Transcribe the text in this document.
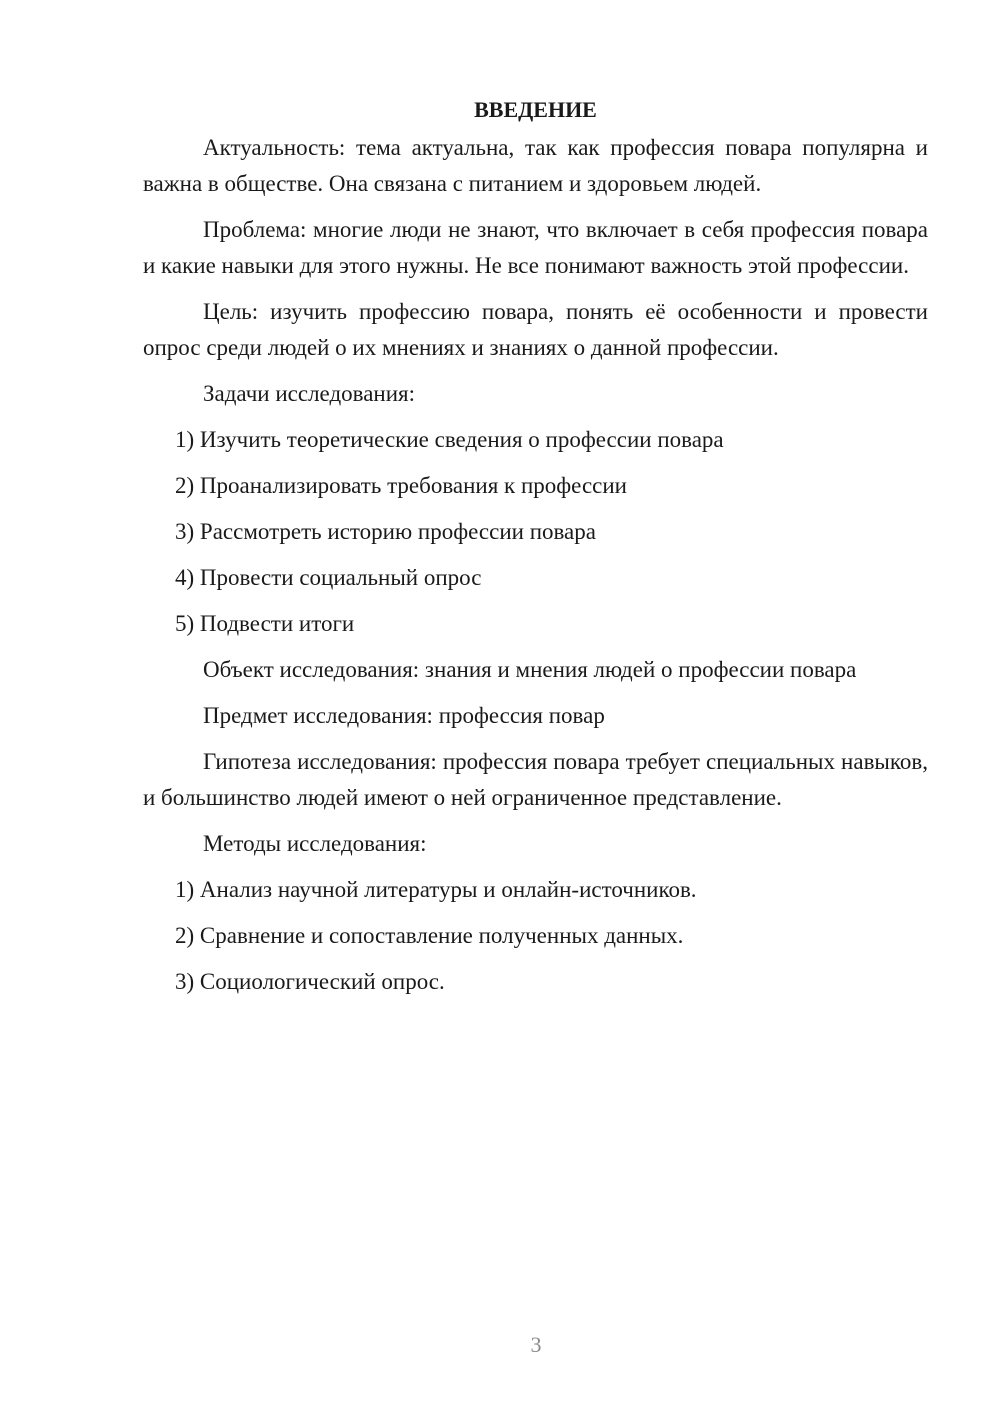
ВВЕДЕНИЕ

Актуальность: тема актуальна, так как профессия повара популярна и важна в обществе. Она связана с питанием и здоровьем людей.

Проблема: многие люди не знают, что включает в себя профессия повара и какие навыки для этого нужны. Не все понимают важность этой профессии.

Цель: изучить профессию повара, понять её особенности и провести опрос среди людей о их мнениях и знаниях о данной профессии.

Задачи исследования:
1) Изучить теоретические сведения о профессии повара
2) Проанализировать требования к профессии
3) Рассмотреть историю профессии повара
4) Провести социальный опрос
5) Подвести итоги
Объект исследования: знания и мнения людей о профессии повара
Предмет исследования: профессия повар

Гипотеза исследования: профессия повара требует специальных навыков, и большинство людей имеют о ней ограниченное представление.

Методы исследования:
1) Анализ научной литературы и онлайн-источников.
2) Сравнение и сопоставление полученных данных.
3) Социологический опрос.
3
